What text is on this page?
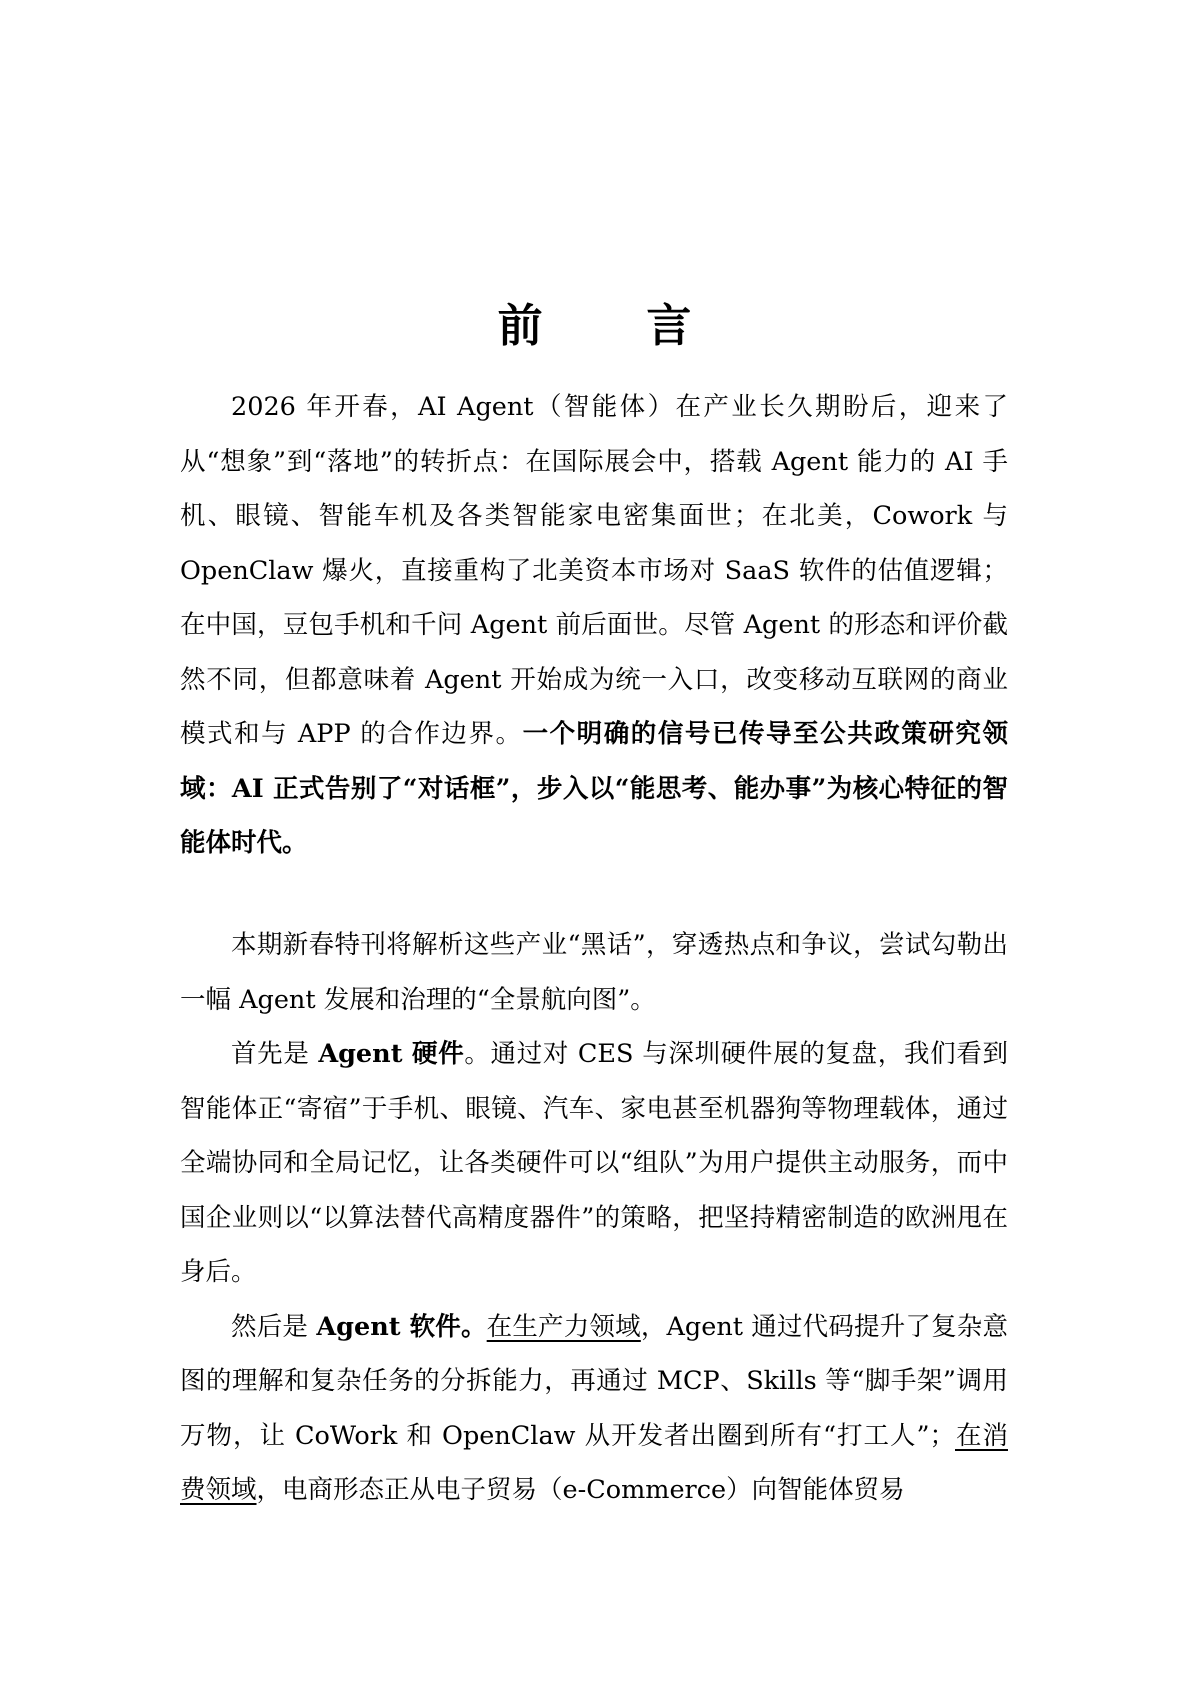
前 言

2026 年开春，AI Agent（智能体）在产业长久期盼后，迎来了从“想象”到“落地”的转折点：在国际展会中，搭载 Agent 能力的 AI 手机、眼镜、智能车机及各类智能家电密集面世；在北美，Cowork 与 OpenClaw 爆火，直接重构了北美资本市场对 SaaS 软件的估值逻辑；在中国，豆包手机和千问 Agent 前后面世。尽管 Agent 的形态和评价截然不同，但都意味着 Agent 开始成为统一入口，改变移动互联网的商业模式和与 APP 的合作边界。一个明确的信号已传导至公共政策研究领域：AI 正式告别了“对话框”，步入以“能思考、能办事”为核心特征的智能体时代。

本期新春特刊将解析这些产业“黑话”，穿透热点和争议，尝试勾勒出一幅 Agent 发展和治理的“全景航向图”。

首先是 Agent 硬件。通过对 CES 与深圳硬件展的复盘，我们看到智能体正“寄宿”于手机、眼镜、汽车、家电甚至机器狗等物理载体，通过全端协同和全局记忆，让各类硬件可以“组队”为用户提供主动服务，而中国企业则以“以算法替代高精度器件”的策略，把坚持精密制造的欧洲甩在身后。

然后是 Agent 软件。在生产力领域，Agent 通过代码提升了复杂意图的理解和复杂任务的分拆能力，再通过 MCP、Skills 等“脚手架”调用万物，让 CoWork 和 OpenClaw 从开发者出圈到所有“打工人”；在消费领域，电商形态正从电子贸易（e-Commerce）向智能体贸易
